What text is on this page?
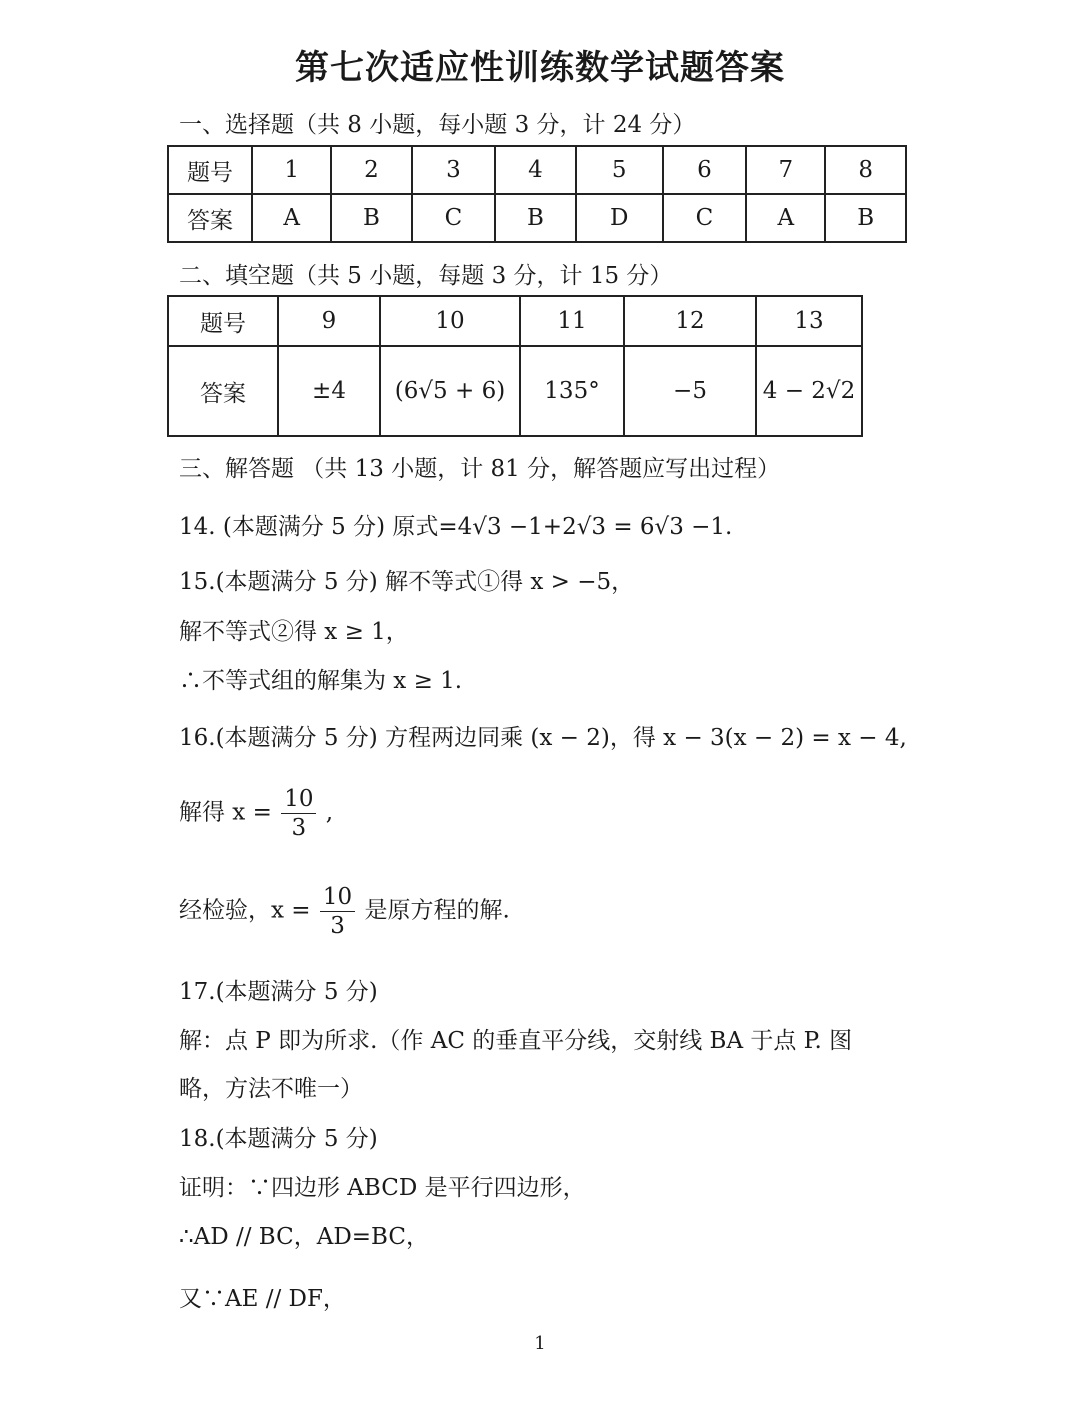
第七次适应性训练数学试题答案
一、选择题（共 8 小题，每小题 3 分，计 24 分）
题号	1	2	3	4	5	6	7	8
答案	A	B	C	B	D	C	A	B
二、填空题（共 5 小题，每题 3 分，计 15 分）
题号	9	10	11	12	13
答案	±4	(6√5 + 6)	135°	−5	4 − 2√2
三、解答题 （共 13 小题，计 81 分，解答题应写出过程）
14. (本题满分 5 分) 原式=4√3 −1+2√3 = 6√3 −1.
15.(本题满分 5 分) 解不等式①得 x > −5，
解不等式②得 x ≥ 1，
∴不等式组的解集为 x ≥ 1.
16.(本题满分 5 分) 方程两边同乘 (x − 2)，得 x − 3(x − 2) = x − 4,
解得 $x = \frac{10}{3}$ ,
经检验，$x = \frac{10}{3}$ 是原方程的解.
17.(本题满分 5 分)
解：点 P 即为所求.（作 AC 的垂直平分线，交射线 BA 于点 P. 图
略，方法不唯一）
18.(本题满分 5 分)
证明：∵四边形 ABCD 是平行四边形，
∴AD // BC，AD=BC，
又∵AE // DF，
1
